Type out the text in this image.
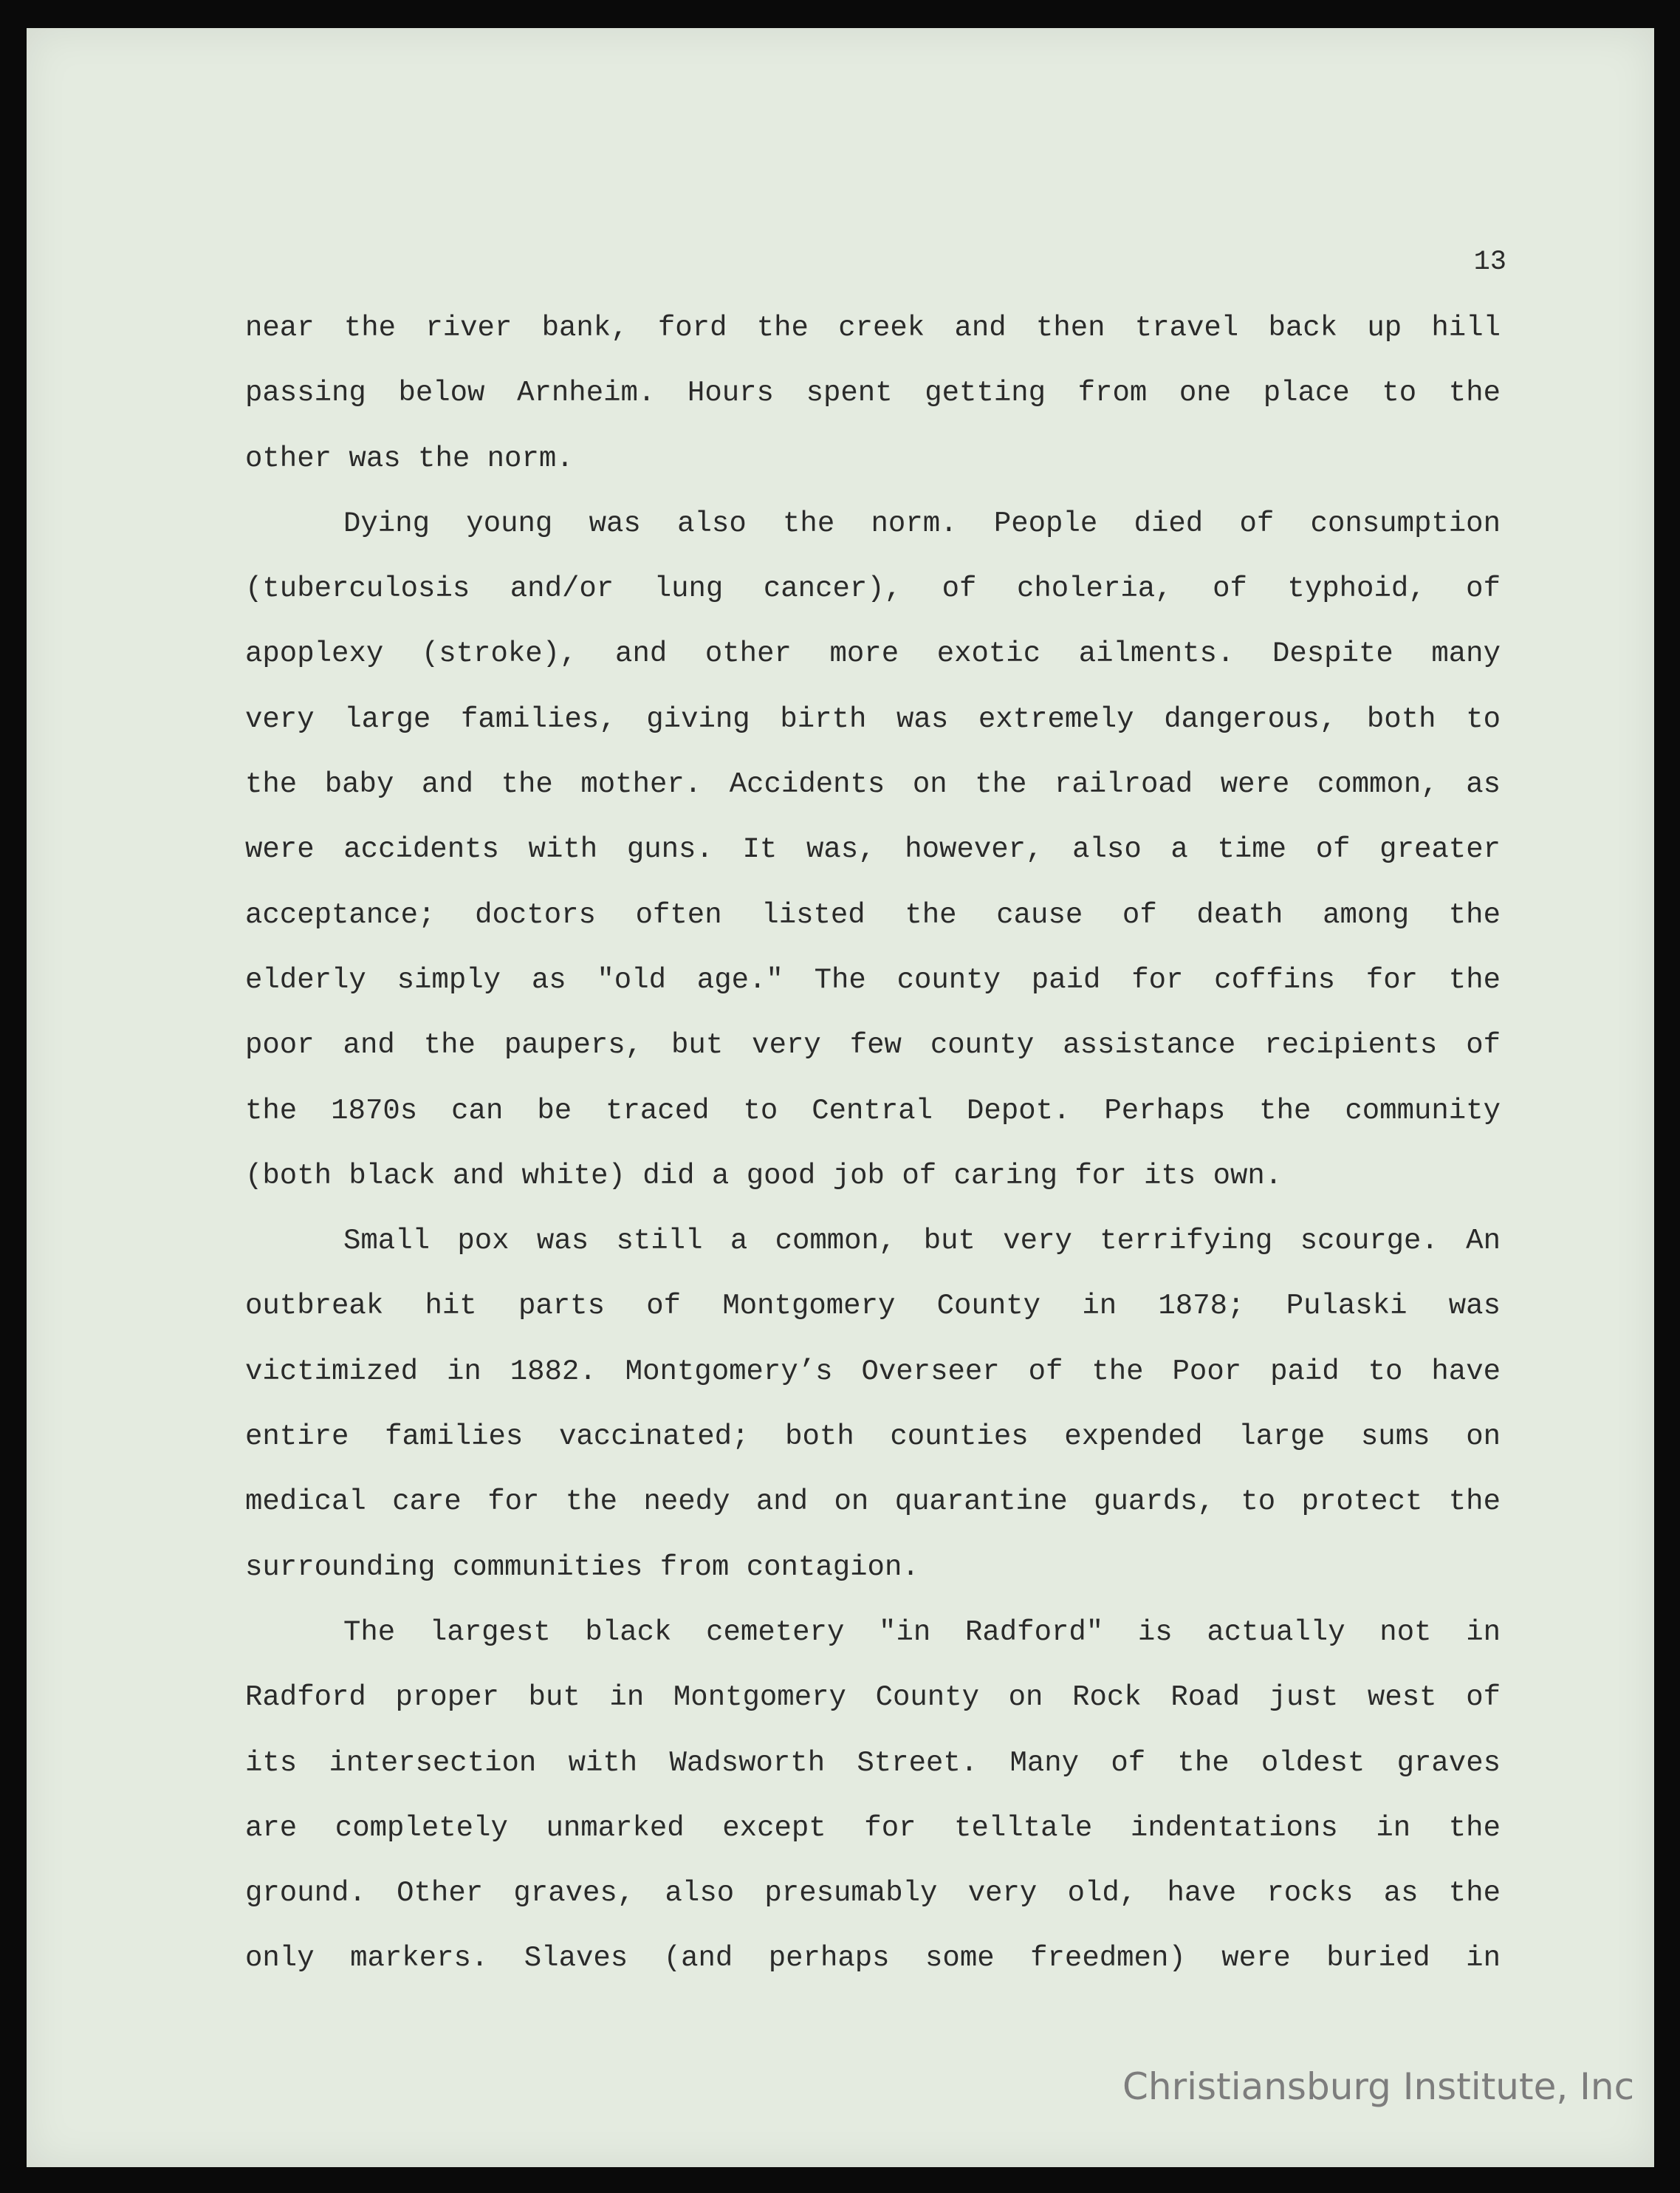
13
near the river bank, ford the creek and then travel back up hill
passing below Arnheim. Hours spent getting from one place to the
other was the norm.
Dying young was also the norm. People died of consumption
(tuberculosis and/or lung cancer), of choleria, of typhoid, of
apoplexy (stroke), and other more exotic ailments. Despite many
very large families, giving birth was extremely dangerous, both to
the baby and the mother. Accidents on the railroad were common, as
were accidents with guns. It was, however, also a time of greater
acceptance; doctors often listed the cause of death among the
elderly simply as "old age." The county paid for coffins for the
poor and the paupers, but very few county assistance recipients of
the 1870s can be traced to Central Depot. Perhaps the community
(both black and white) did a good job of caring for its own.
Small pox was still a common, but very terrifying scourge. An
outbreak hit parts of Montgomery County in 1878; Pulaski was
victimized in 1882. Montgomery’s Overseer of the Poor paid to have
entire families vaccinated; both counties expended large sums on
medical care for the needy and on quarantine guards, to protect the
surrounding communities from contagion.
The largest black cemetery "in Radford" is actually not in
Radford proper but in Montgomery County on Rock Road just west of
its intersection with Wadsworth Street. Many of the oldest graves
are completely unmarked except for telltale indentations in the
ground. Other graves, also presumably very old, have rocks as the
only markers. Slaves (and perhaps some freedmen) were buried in
Christiansburg Institute, Inc
